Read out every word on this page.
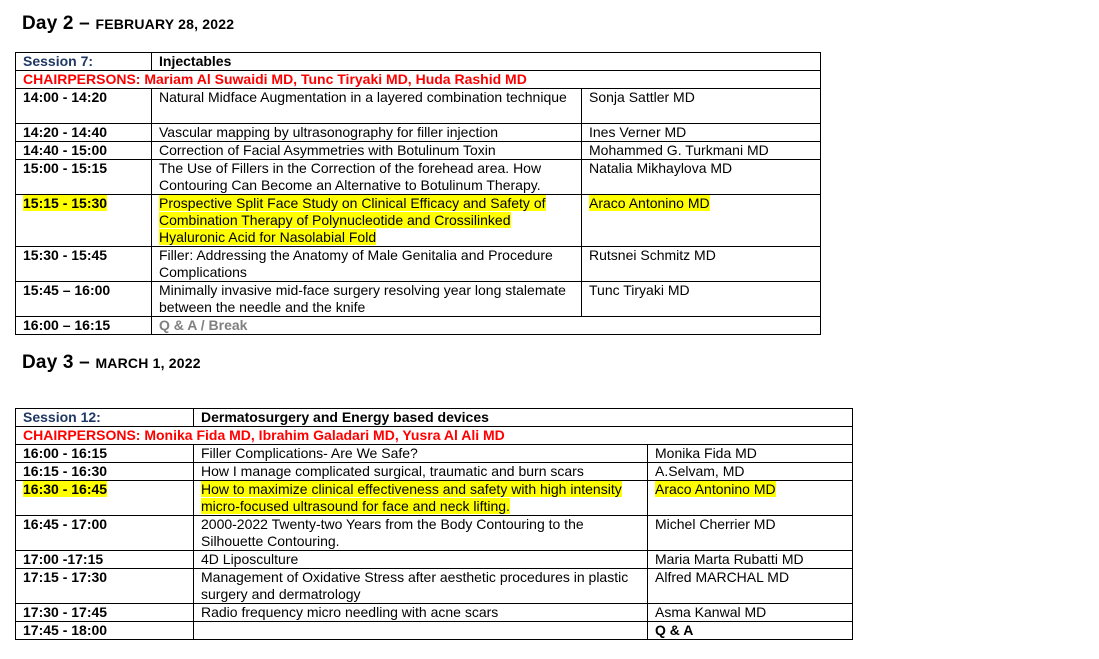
Day 2 – FEBRUARY 28, 2022
Session 7:	Injectables	
CHAIRPERSONS: Mariam Al Suwaidi MD, Tunc Tiryaki MD, Huda Rashid MD		
14:00 - 14:20	Natural Midface Augmentation in a layered combination technique	Sonja Sattler MD
14:20 - 14:40	Vascular mapping by ultrasonography for filler injection	Ines Verner MD
14:40 - 15:00	Correction of Facial Asymmetries with Botulinum Toxin	Mohammed G. Turkmani MD
15:00 - 15:15	The Use of Fillers in the Correction of the forehead area. How Contouring Can Become an Alternative to Botulinum Therapy.	Natalia Mikhaylova MD
15:15 - 15:30	Prospective Split Face Study on Clinical Efficacy and Safety of Combination Therapy of Polynucleotide and Crossilinked Hyaluronic Acid for Nasolabial Fold	Araco Antonino MD
15:30 - 15:45	Filler: Addressing the Anatomy of Male Genitalia and Procedure Complications	Rutsnei Schmitz MD
15:45 – 16:00	Minimally invasive mid-face surgery resolving year long stalemate between the needle and the knife	Tunc Tiryaki MD
16:00 – 16:15	Q & A / Break	
Day 3 – MARCH 1, 2022
Session 12:	Dermatosurgery and Energy based devices	
CHAIRPERSONS: Monika Fida MD, Ibrahim Galadari MD, Yusra Al Ali MD		
16:00 - 16:15	Filler Complications- Are We Safe?	Monika Fida MD
16:15 - 16:30	How I manage complicated surgical, traumatic and burn scars	A.Selvam, MD
16:30 - 16:45	How to maximize clinical effectiveness and safety with high intensity micro-focused ultrasound for face and neck lifting.	Araco Antonino MD
16:45 - 17:00	2000-2022 Twenty-two Years from the Body Contouring to the Silhouette Contouring.	Michel Cherrier MD
17:00 -17:15	4D Liposculture	Maria Marta Rubatti MD
17:15 - 17:30	Management of Oxidative Stress after aesthetic procedures in plastic surgery and dermatrology	Alfred MARCHAL MD
17:30 - 17:45	Radio frequency micro needling with acne scars	Asma Kanwal MD
17:45 - 18:00		Q & A
